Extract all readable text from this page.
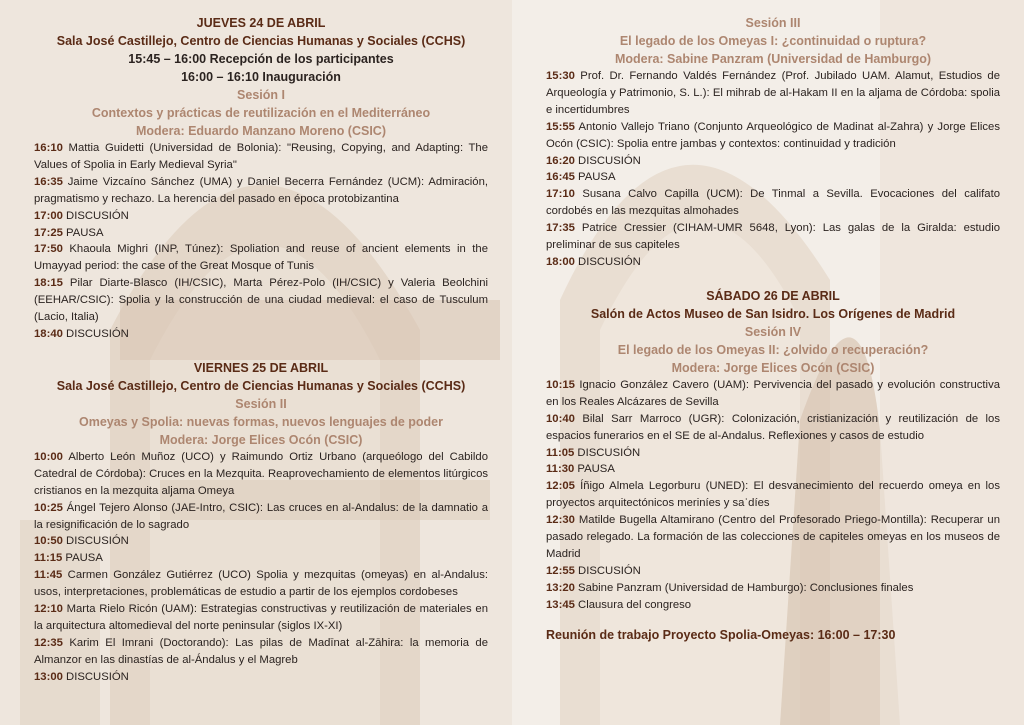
JUEVES 24 DE ABRIL
Sala José Castillejo, Centro de Ciencias Humanas y Sociales (CCHS)
15:45 – 16:00 Recepción de los participantes
16:00 – 16:10 Inauguración
Sesión I
Contextos y prácticas de reutilización en el Mediterráneo
Modera: Eduardo Manzano Moreno (CSIC)

16:10 Mattia Guidetti (Universidad de Bolonia): "Reusing, Copying, and Adapting: The Values of Spolia in Early Medieval Syria"

16:35 Jaime Vizcaíno Sánchez (UMA) y Daniel Becerra Fernández (UCM): Admiración, pragmatismo y rechazo. La herencia del pasado en época protobizantina

17:00 DISCUSIÓN

17:25 PAUSA

17:50 Khaoula Mighri (INP, Túnez): Spoliation and reuse of ancient elements in the Umayyad period: the case of the Great Mosque of Tunis

18:15 Pilar Diarte-Blasco (IH/CSIC), Marta Pérez-Polo (IH/CSIC) y Valeria Beolchini (EEHAR/CSIC): Spolia y la construcción de una ciudad medieval: el caso de Tusculum (Lacio, Italia)

18:40 DISCUSIÓN

VIERNES 25 DE ABRIL
Sala José Castillejo, Centro de Ciencias Humanas y Sociales (CCHS)
Sesión II
Omeyas y Spolia: nuevas formas, nuevos lenguajes de poder
Modera: Jorge Elices Ocón (CSIC)

10:00 Alberto León Muñoz (UCO) y Raimundo Ortiz Urbano (arqueólogo del Cabildo Catedral de Córdoba): Cruces en la Mezquita. Reaprovechamiento de elementos litúrgicos cristianos en la mezquita aljama Omeya

10:25 Ángel Tejero Alonso (JAE-Intro, CSIC): Las cruces en al-Andalus: de la damnatio a la resignificación de lo sagrado

10:50 DISCUSIÓN

11:15 PAUSA

11:45 Carmen González Gutiérrez (UCO) Spolia y mezquitas (omeyas) en al-Andalus: usos, interpretaciones, problemáticas de estudio a partir de los ejemplos cordobeses

12:10 Marta Rielo Ricón (UAM): Estrategias constructivas y reutilización de materiales en la arquitectura altomedieval del norte peninsular (siglos IX-XI)

12:35 Karim El Imrani (Doctorando): Las pilas de Madīnat al-Zāhira: la memoria de Almanzor en las dinastías de al-Ándalus y el Magreb

13:00 DISCUSIÓN

Sesión III
El legado de los Omeyas I: ¿continuidad o ruptura?
Modera: Sabine Panzram (Universidad de Hamburgo)

15:30 Prof. Dr. Fernando Valdés Fernández (Prof. Jubilado UAM. Alamut, Estudios de Arqueología y Patrimonio, S. L.): El mihrab de al-Hakam II en la aljama de Córdoba: spolia e incertidumbres

15:55 Antonio Vallejo Triano (Conjunto Arqueológico de Madinat al-Zahra) y Jorge Elices Ocón (CSIC): Spolia entre jambas y contextos: continuidad y tradición

16:20 DISCUSIÓN

16:45 PAUSA

17:10 Susana Calvo Capilla (UCM): De Tinmal a Sevilla. Evocaciones del califato cordobés en las mezquitas almohades

17:35 Patrice Cressier (CIHAM-UMR 5648, Lyon): Las galas de la Giralda: estudio preliminar de sus capiteles

18:00 DISCUSIÓN

SÁBADO 26 DE ABRIL
Salón de Actos Museo de San Isidro. Los Orígenes de Madrid
Sesión IV
El legado de los Omeyas II: ¿olvido o recuperación?
Modera: Jorge Elices Ocón (CSIC)

10:15 Ignacio González Cavero (UAM): Pervivencia del pasado y evolución constructiva en los Reales Alcázares de Sevilla

10:40 Bilal Sarr Marroco (UGR): Colonización, cristianización y reutilización de los espacios funerarios en el SE de al-Andalus. Reflexiones y casos de estudio

11:05 DISCUSIÓN

11:30 PAUSA

12:05 Íñigo Almela Legorburu (UNED): El desvanecimiento del recuerdo omeya en los proyectos arquitectónicos meriníes y saʿdíes

12:30 Matilde Bugella Altamirano (Centro del Profesorado Priego-Montilla): Recuperar un pasado relegado. La formación de las colecciones de capiteles omeyas en los museos de Madrid

12:55 DISCUSIÓN

13:20 Sabine Panzram (Universidad de Hamburgo): Conclusiones finales

13:45 Clausura del congreso

Reunión de trabajo Proyecto Spolia-Omeyas: 16:00 – 17:30
